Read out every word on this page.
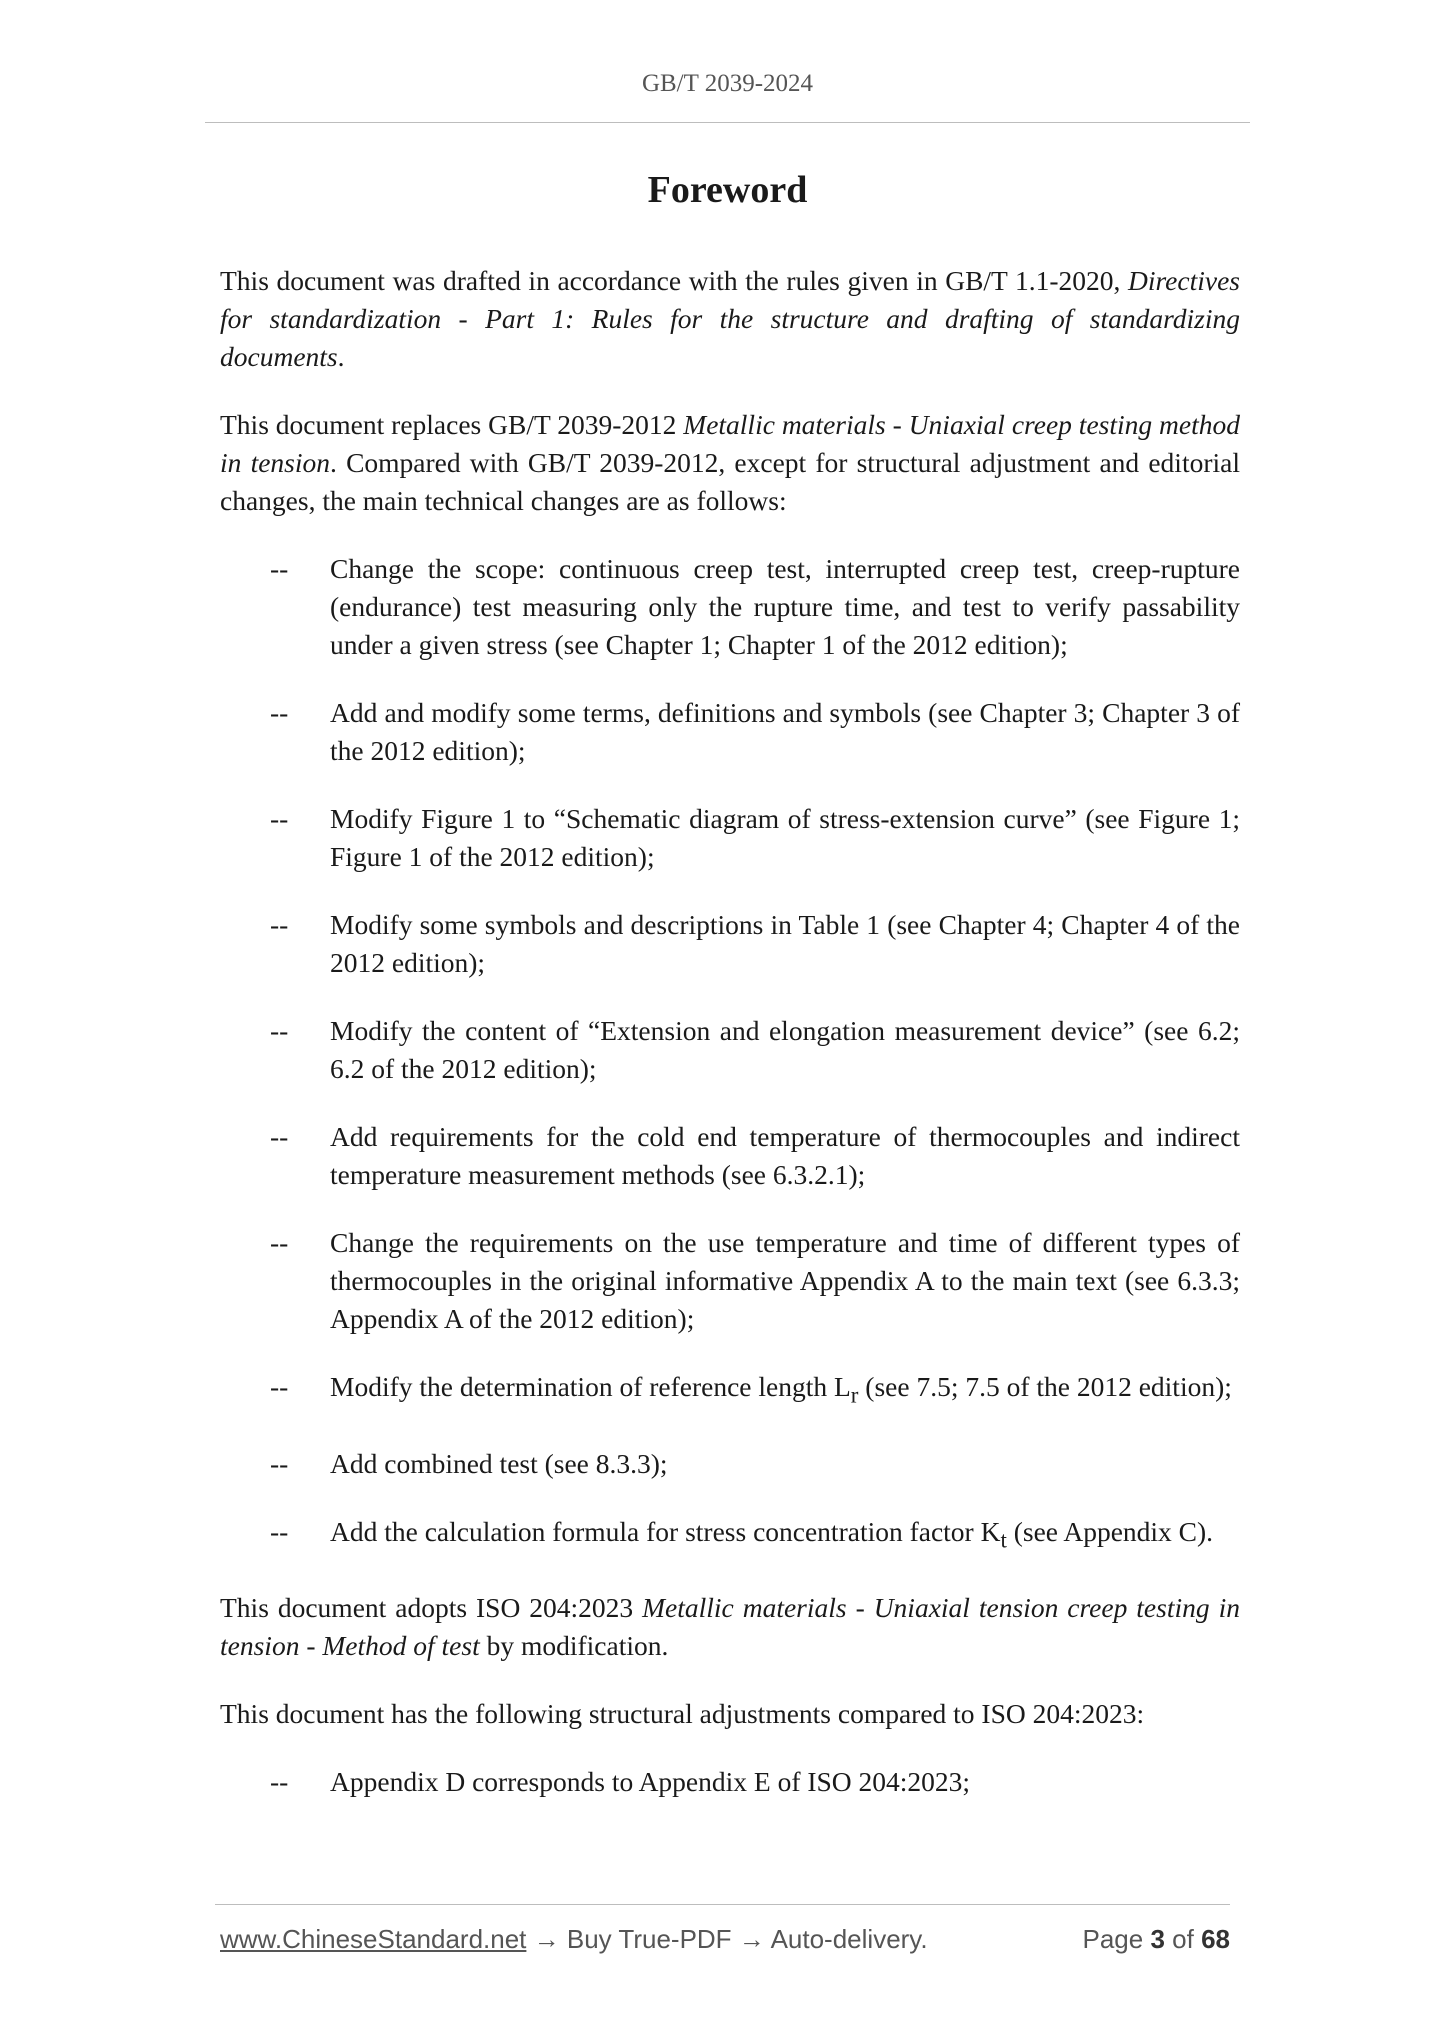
GB/T 2039-2024
Foreword

This document was drafted in accordance with the rules given in GB/T 1.1-2020, Directives for standardization - Part 1: Rules for the structure and drafting of standardizing documents.

This document replaces GB/T 2039-2012 Metallic materials - Uniaxial creep testing method in tension. Compared with GB/T 2039-2012, except for structural adjustment and editorial changes, the main technical changes are as follows:

-- Change the scope: continuous creep test, interrupted creep test, creep-rupture (endurance) test measuring only the rupture time, and test to verify passability under a given stress (see Chapter 1; Chapter 1 of the 2012 edition);
-- Add and modify some terms, definitions and symbols (see Chapter 3; Chapter 3 of the 2012 edition);
-- Modify Figure 1 to “Schematic diagram of stress-extension curve” (see Figure 1; Figure 1 of the 2012 edition);
-- Modify some symbols and descriptions in Table 1 (see Chapter 4; Chapter 4 of the 2012 edition);
-- Modify the content of “Extension and elongation measurement device” (see 6.2; 6.2 of the 2012 edition);
-- Add requirements for the cold end temperature of thermocouples and indirect temperature measurement methods (see 6.3.2.1);
-- Change the requirements on the use temperature and time of different types of thermocouples in the original informative Appendix A to the main text (see 6.3.3; Appendix A of the 2012 edition);
-- Modify the determination of reference length $L_r$ (see 7.5; 7.5 of the 2012 edition);
-- Add combined test (see 8.3.3);
-- Add the calculation formula for stress concentration factor $K_t$ (see Appendix C).

This document adopts ISO 204:2023 Metallic materials - Uniaxial tension creep testing in tension - Method of test by modification.

This document has the following structural adjustments compared to ISO 204:2023:

-- Appendix D corresponds to Appendix E of ISO 204:2023;
www.ChineseStandard.net → Buy True-PDF → Auto-delivery.	Page 3 of 68
